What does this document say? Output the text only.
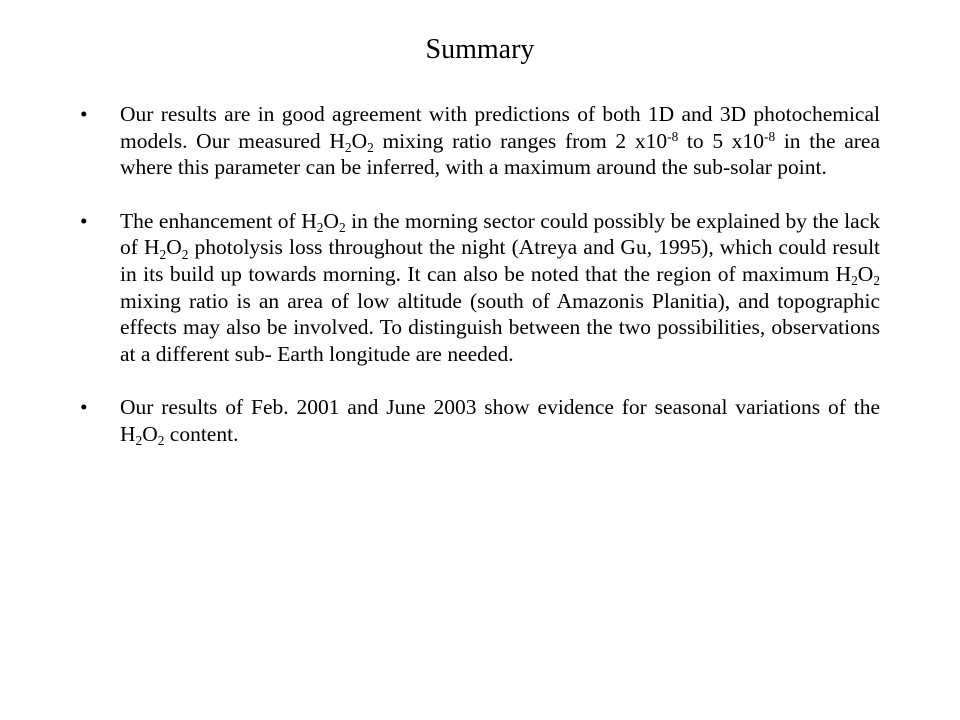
Summary
•	Our results are in good agreement with predictions of both 1D and 3D photochemical models. Our measured $H_2O_2$ mixing ratio ranges from 2 $x10^{-8}$ to 5 $x10^{-8}$ in the area where this parameter can be inferred, with a maximum around the sub-solar point.
•	The enhancement of $H_2O_2$ in the morning sector could possibly be explained by the lack of $H_2O_2$ photolysis loss throughout the night (Atreya and Gu, 1995), which could result in its build up towards morning. It can also be noted that the region of maximum $H_2O_2$ mixing ratio is an area of low altitude (south of Amazonis Planitia), and topographic effects may also be involved. To distinguish between the two possibilities, observations at a different sub- Earth longitude are needed.
•	Our results of Feb. 2001 and June 2003 show evidence for seasonal variations of the $H_2O_2$ content.
